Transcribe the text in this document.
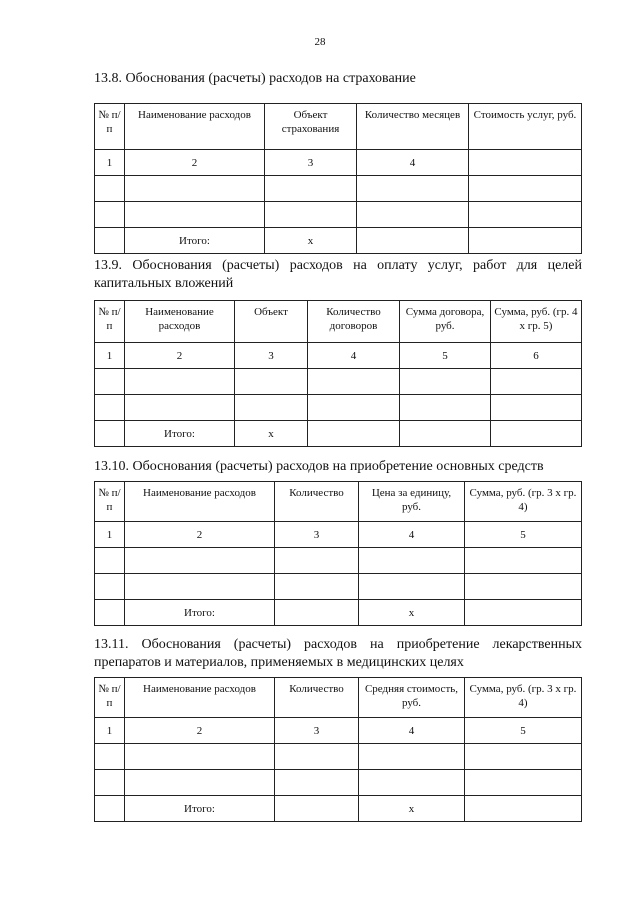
28
13.8. Обоснования (расчеты) расходов на страхование
№ п/п	Наименование расходов	Объект страхования	Количество месяцев	Стоимость услуг, руб.
1	2	3	4	

	Итого:	х		
13.9. Обоснования (расчеты) расходов на оплату услуг, работ для целей капитальных вложений
№ п/п	Наименование расходов	Объект	Количество договоров	Сумма договора, руб.	Сумма, руб. (гр. 4 х гр. 5)
1	2	3	4	5	6

	Итого:	х			
13.10. Обоснования (расчеты) расходов на приобретение основных средств
№ п/п	Наименование расходов	Количество	Цена за единицу, руб.	Сумма, руб. (гр. 3 х гр. 4)
1	2	3	4	5

	Итого:		х	
13.11. Обоснования (расчеты) расходов на приобретение лекарственных препаратов и материалов, применяемых в медицинских целях
№ п/п	Наименование расходов	Количество	Средняя стоимость, руб.	Сумма, руб. (гр. 3 х гр. 4)
1	2	3	4	5

	Итого:		х	
